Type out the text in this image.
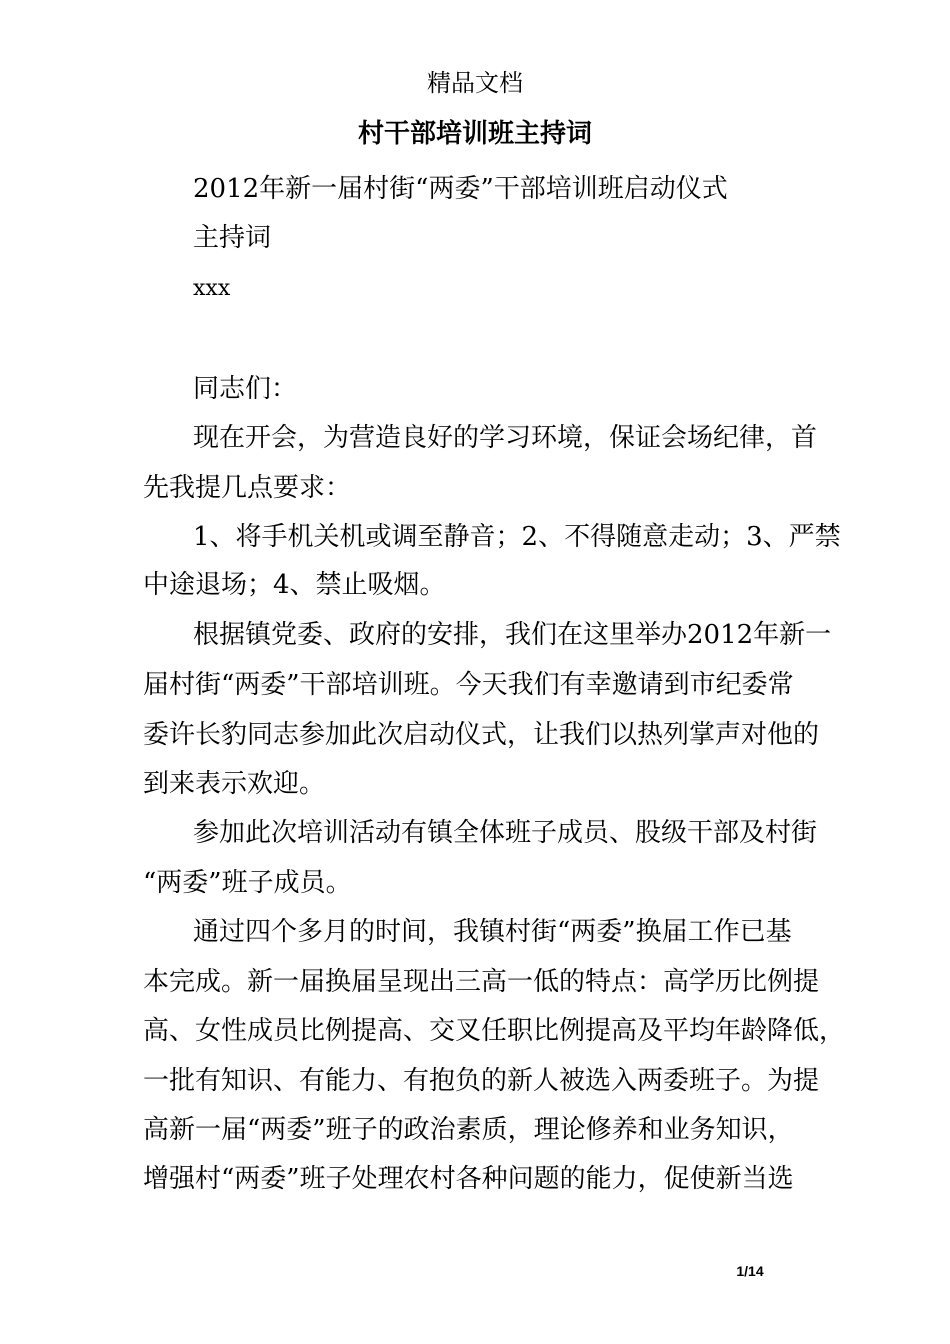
精品文档
村干部培训班主持词
2012年新一届村街“两委”干部培训班启动仪式
主持词
xxx
同志们：
现在开会，为营造良好的学习环境，保证会场纪律，首
先我提几点要求：
1、将手机关机或调至静音；2、不得随意走动；3、严禁
中途退场；4、禁止吸烟。
根据镇党委、政府的安排，我们在这里举办2012年新一
届村街“两委”干部培训班。今天我们有幸邀请到市纪委常
委许长豹同志参加此次启动仪式，让我们以热列掌声对他的
到来表示欢迎。
参加此次培训活动有镇全体班子成员、股级干部及村街
“两委”班子成员。
通过四个多月的时间，我镇村街“两委”换届工作已基
本完成。新一届换届呈现出三高一低的特点：高学历比例提
高、女性成员比例提高、交叉任职比例提高及平均年龄降低，
一批有知识、有能力、有抱负的新人被选入两委班子。为提
高新一届“两委”班子的政治素质，理论修养和业务知识，
增强村“两委”班子处理农村各种问题的能力，促使新当选
1/14
